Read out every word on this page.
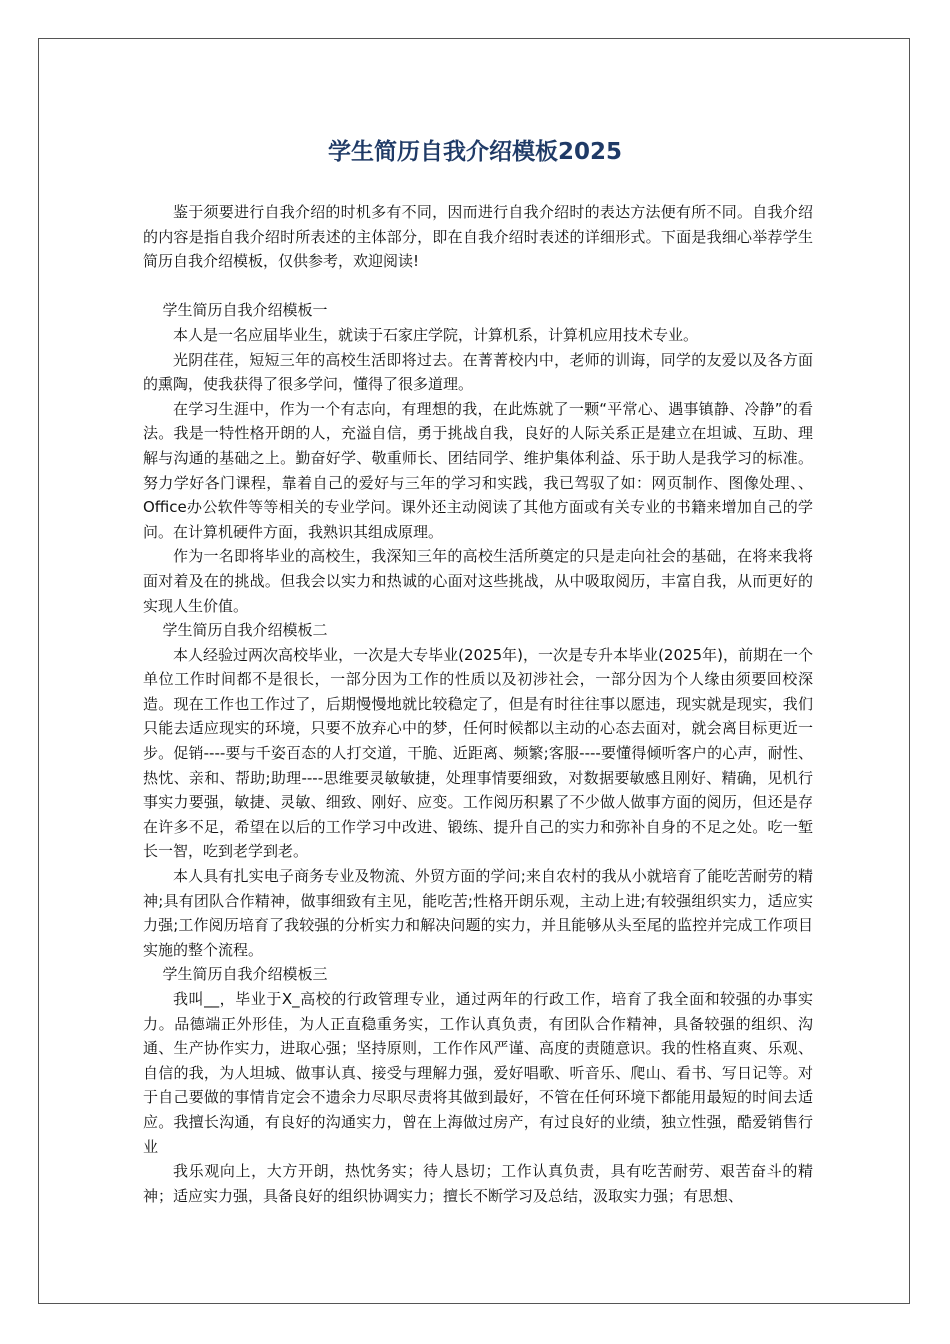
学生简历自我介绍模板2025

鉴于须要进行自我介绍的时机多有不同，因而进行自我介绍时的表达方法便有所不同。自我介绍的内容是指自我介绍时所表述的主体部分，即在自我介绍时表述的详细形式。下面是我细心举荐学生简历自我介绍模板，仅供参考，欢迎阅读!

学生简历自我介绍模板一

本人是一名应届毕业生，就读于石家庄学院，计算机系，计算机应用技术专业。

光阴荏荏，短短三年的高校生活即将过去。在菁菁校内中，老师的训诲，同学的友爱以及各方面的熏陶，使我获得了很多学问，懂得了很多道理。

在学习生涯中，作为一个有志向，有理想的我，在此炼就了一颗“平常心、遇事镇静、冷静”的看法。我是一特性格开朗的人，充溢自信，勇于挑战自我，良好的人际关系正是建立在坦诚、互助、理解与沟通的基础之上。勤奋好学、敬重师长、团结同学、维护集体利益、乐于助人是我学习的标准。努力学好各门课程，靠着自己的爱好与三年的学习和实践，我已驾驭了如：网页制作、图像处理、、Office办公软件等等相关的专业学问。课外还主动阅读了其他方面或有关专业的书籍来增加自己的学问。在计算机硬件方面，我熟识其组成原理。

作为一名即将毕业的高校生，我深知三年的高校生活所奠定的只是走向社会的基础，在将来我将面对着及在的挑战。但我会以实力和热诚的心面对这些挑战，从中吸取阅历，丰富自我，从而更好的实现人生价值。

学生简历自我介绍模板二

本人经验过两次高校毕业，一次是大专毕业(2025年)，一次是专升本毕业(2025年)，前期在一个单位工作时间都不是很长，一部分因为工作的性质以及初涉社会，一部分因为个人缘由须要回校深造。现在工作也工作过了，后期慢慢地就比较稳定了，但是有时往往事以愿违，现实就是现实，我们只能去适应现实的环境，只要不放弃心中的梦，任何时候都以主动的心态去面对，就会离目标更近一步。促销----要与千姿百态的人打交道，干脆、近距离、频繁;客服----要懂得倾听客户的心声，耐性、热忱、亲和、帮助;助理----思维要灵敏敏捷，处理事情要细致，对数据要敏感且刚好、精确，见机行事实力要强，敏捷、灵敏、细致、刚好、应变。工作阅历积累了不少做人做事方面的阅历，但还是存在许多不足，希望在以后的工作学习中改进、锻练、提升自己的实力和弥补自身的不足之处。吃一堑长一智，吃到老学到老。

本人具有扎实电子商务专业及物流、外贸方面的学问;来自农村的我从小就培育了能吃苦耐劳的精神;具有团队合作精神，做事细致有主见，能吃苦;性格开朗乐观，主动上进;有较强组织实力，适应实力强;工作阅历培育了我较强的分析实力和解决问题的实力，并且能够从头至尾的监控并完成工作项目实施的整个流程。

学生简历自我介绍模板三

我叫__，毕业于X_高校的行政管理专业，通过两年的行政工作，培育了我全面和较强的办事实力。品德端正外形佳，为人正直稳重务实，工作认真负责，有团队合作精神，具备较强的组织、沟通、生产协作实力，进取心强；坚持原则，工作作风严谨、高度的责随意识。我的性格直爽、乐观、自信的我，为人坦城、做事认真、接受与理解力强，爱好唱歌、听音乐、爬山、看书、写日记等。对于自己要做的事情肯定会不遗余力尽职尽责将其做到最好，不管在任何环境下都能用最短的时间去适应。我擅长沟通，有良好的沟通实力，曾在上海做过房产，有过良好的业绩，独立性强，酷爱销售行业

我乐观向上，大方开朗，热忱务实；待人恳切；工作认真负责，具有吃苦耐劳、艰苦奋斗的精神；适应实力强，具备良好的组织协调实力；擅长不断学习及总结，汲取实力强；有思想、
